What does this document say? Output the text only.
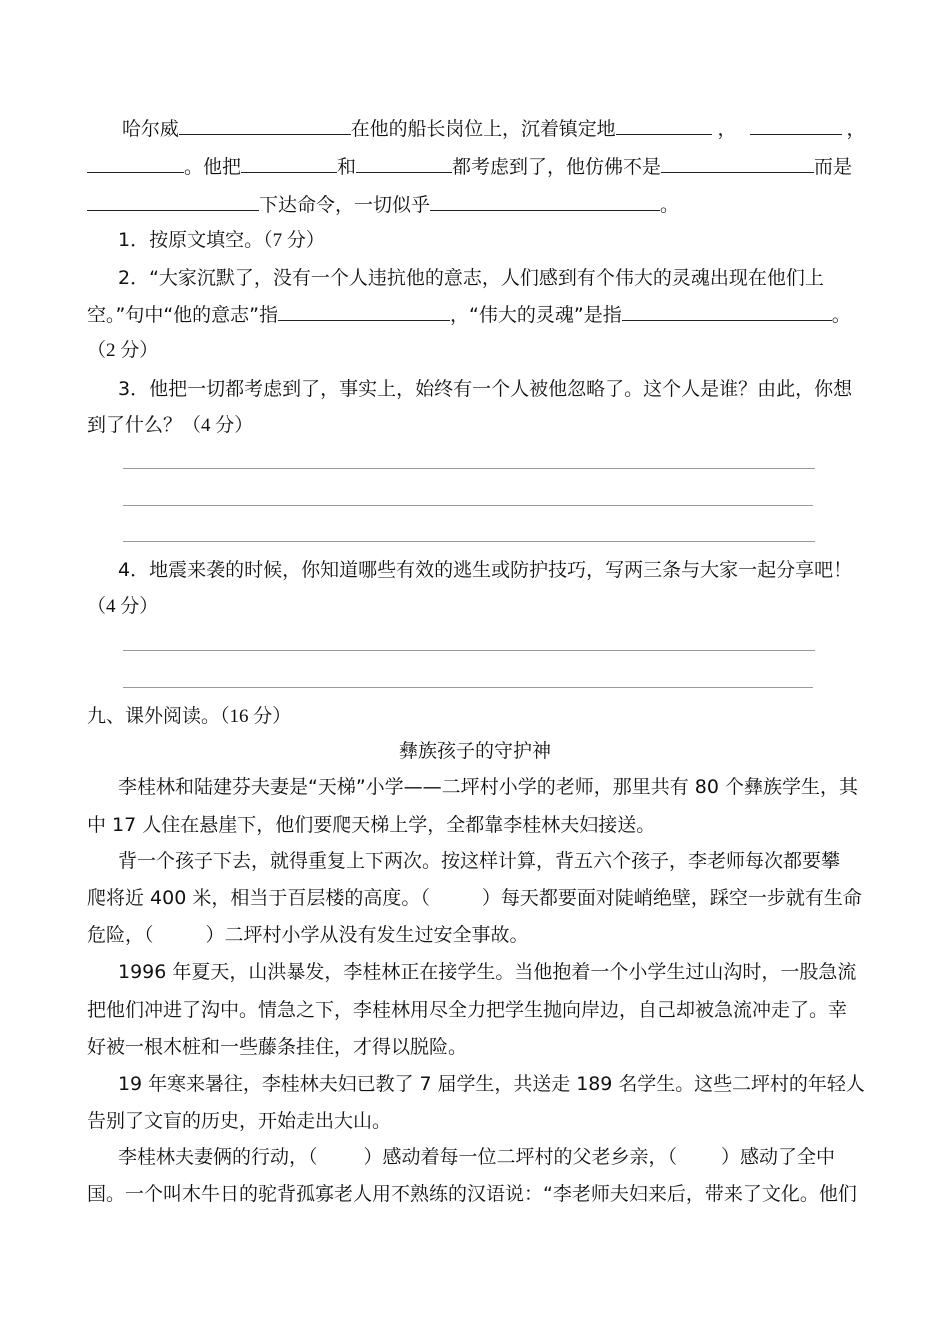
哈尔威	在他的船长岗位上，沉着镇定地	，	，
。他把	和	都考虑到了，他仿佛不是	而是
下达命令，一切似乎	。
1．按原文填空。（7 分）
2．“大家沉默了，没有一个人违抗他的意志，人们感到有个伟大的灵魂出现在他们上
空。”句中“他的意志”指	，“伟大的灵魂”是指	。
（2 分）
3．他把一切都考虑到了，事实上，始终有一个人被他忽略了。这个人是谁？由此，你想
到了什么？（4 分）
4．地震来袭的时候，你知道哪些有效的逃生或防护技巧，写两三条与大家一起分享吧！
（4 分）
九、课外阅读。（16 分）
彝族孩子的守护神
李桂林和陆建芬夫妻是“天梯”小学——二坪村小学的老师，那里共有 80 个彝族学生，其
中 17 人住在悬崖下，他们要爬天梯上学，全都靠李桂林夫妇接送。
背一个孩子下去，就得重复上下两次。按这样计算，背五六个孩子，李老师每次都要攀
爬将近 400 米，相当于百层楼的高度。（	）每天都要面对陡峭绝壁，踩空一步就有生命
危险，（	）二坪村小学从没有发生过安全事故。
1996 年夏天，山洪暴发，李桂林正在接学生。当他抱着一个小学生过山沟时，一股急流
把他们冲进了沟中。情急之下，李桂林用尽全力把学生抛向岸边，自己却被急流冲走了。幸
好被一根木桩和一些藤条挂住，才得以脱险。
19 年寒来暑往，李桂林夫妇已教了 7 届学生，共送走 189 名学生。这些二坪村的年轻人
告别了文盲的历史，开始走出大山。
李桂林夫妻俩的行动，（ ）感动着每一位二坪村的父老乡亲，（ ）感动了全中
国。一个叫木牛日的驼背孤寡老人用不熟练的汉语说：“李老师夫妇来后，带来了文化。他们
